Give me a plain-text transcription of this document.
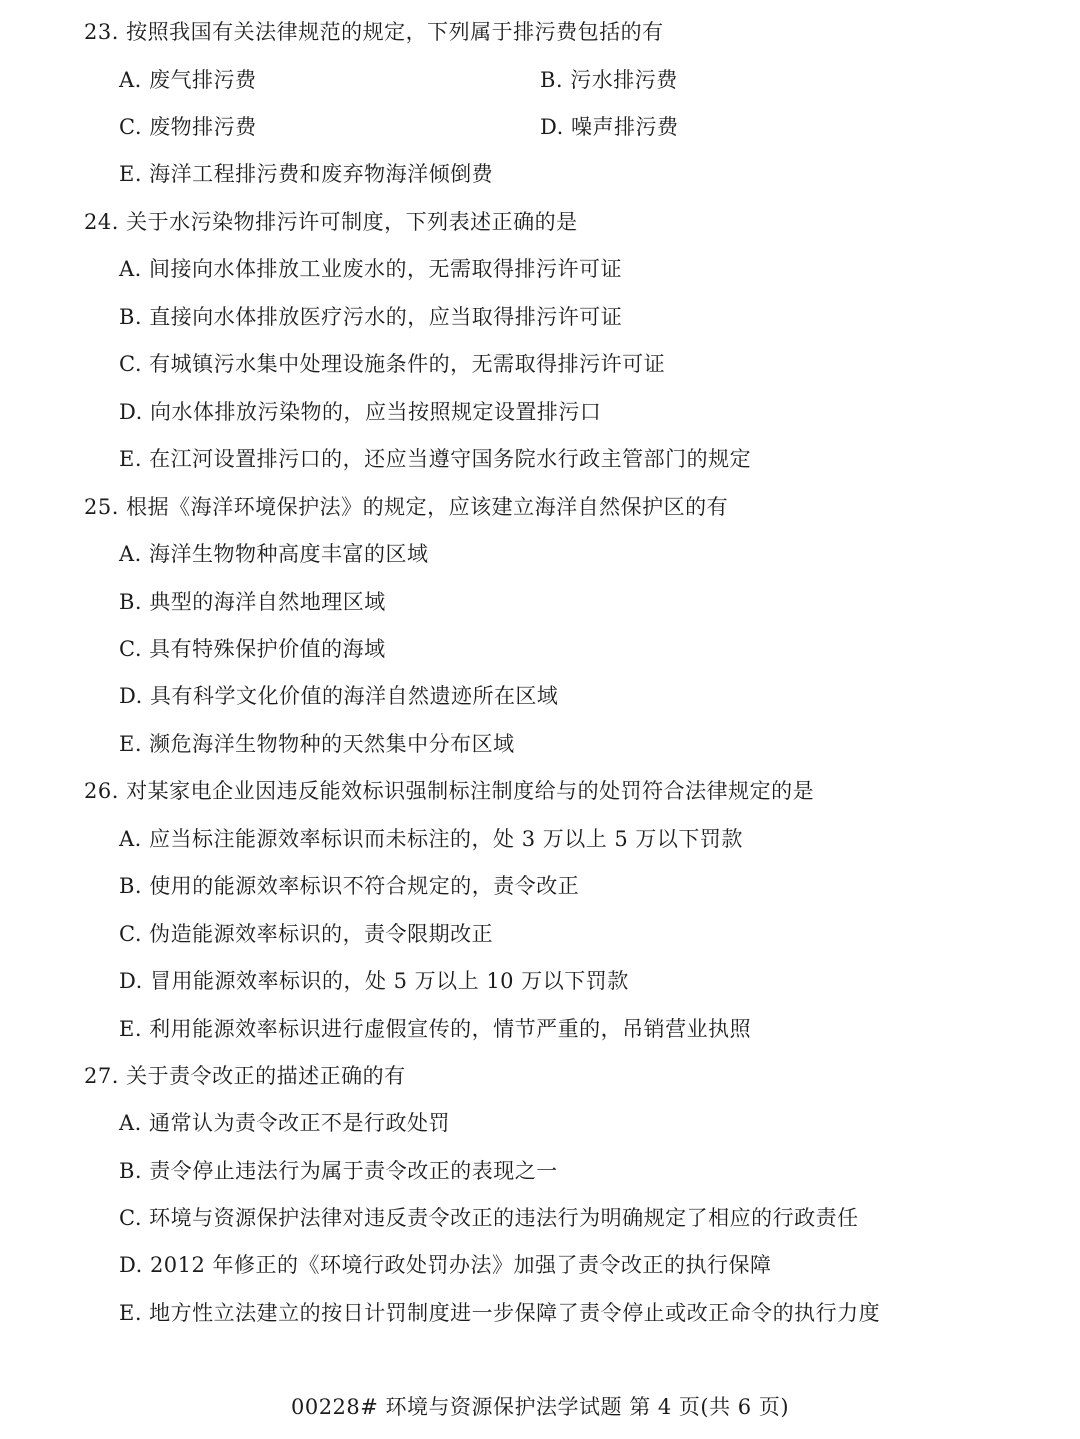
23. 按照我国有关法律规范的规定，下列属于排污费包括的有
A. 废气排污费	B. 污水排污费
C. 废物排污费	D. 噪声排污费
E. 海洋工程排污费和废弃物海洋倾倒费
24. 关于水污染物排污许可制度，下列表述正确的是
A. 间接向水体排放工业废水的，无需取得排污许可证
B. 直接向水体排放医疗污水的，应当取得排污许可证
C. 有城镇污水集中处理设施条件的，无需取得排污许可证
D. 向水体排放污染物的，应当按照规定设置排污口
E. 在江河设置排污口的，还应当遵守国务院水行政主管部门的规定
25. 根据《海洋环境保护法》的规定，应该建立海洋自然保护区的有
A. 海洋生物物种高度丰富的区域
B. 典型的海洋自然地理区域
C. 具有特殊保护价值的海域
D. 具有科学文化价值的海洋自然遗迹所在区域
E. 濒危海洋生物物种的天然集中分布区域
26. 对某家电企业因违反能效标识强制标注制度给与的处罚符合法律规定的是
A. 应当标注能源效率标识而未标注的，处 3 万以上 5 万以下罚款
B. 使用的能源效率标识不符合规定的，责令改正
C. 伪造能源效率标识的，责令限期改正
D. 冒用能源效率标识的，处 5 万以上 10 万以下罚款
E. 利用能源效率标识进行虚假宣传的，情节严重的，吊销营业执照
27. 关于责令改正的描述正确的有
A. 通常认为责令改正不是行政处罚
B. 责令停止违法行为属于责令改正的表现之一
C. 环境与资源保护法律对违反责令改正的违法行为明确规定了相应的行政责任
D. 2012 年修正的《环境行政处罚办法》加强了责令改正的执行保障
E. 地方性立法建立的按日计罚制度进一步保障了责令停止或改正命令的执行力度
00228# 环境与资源保护法学试题 第 4 页(共 6 页)
